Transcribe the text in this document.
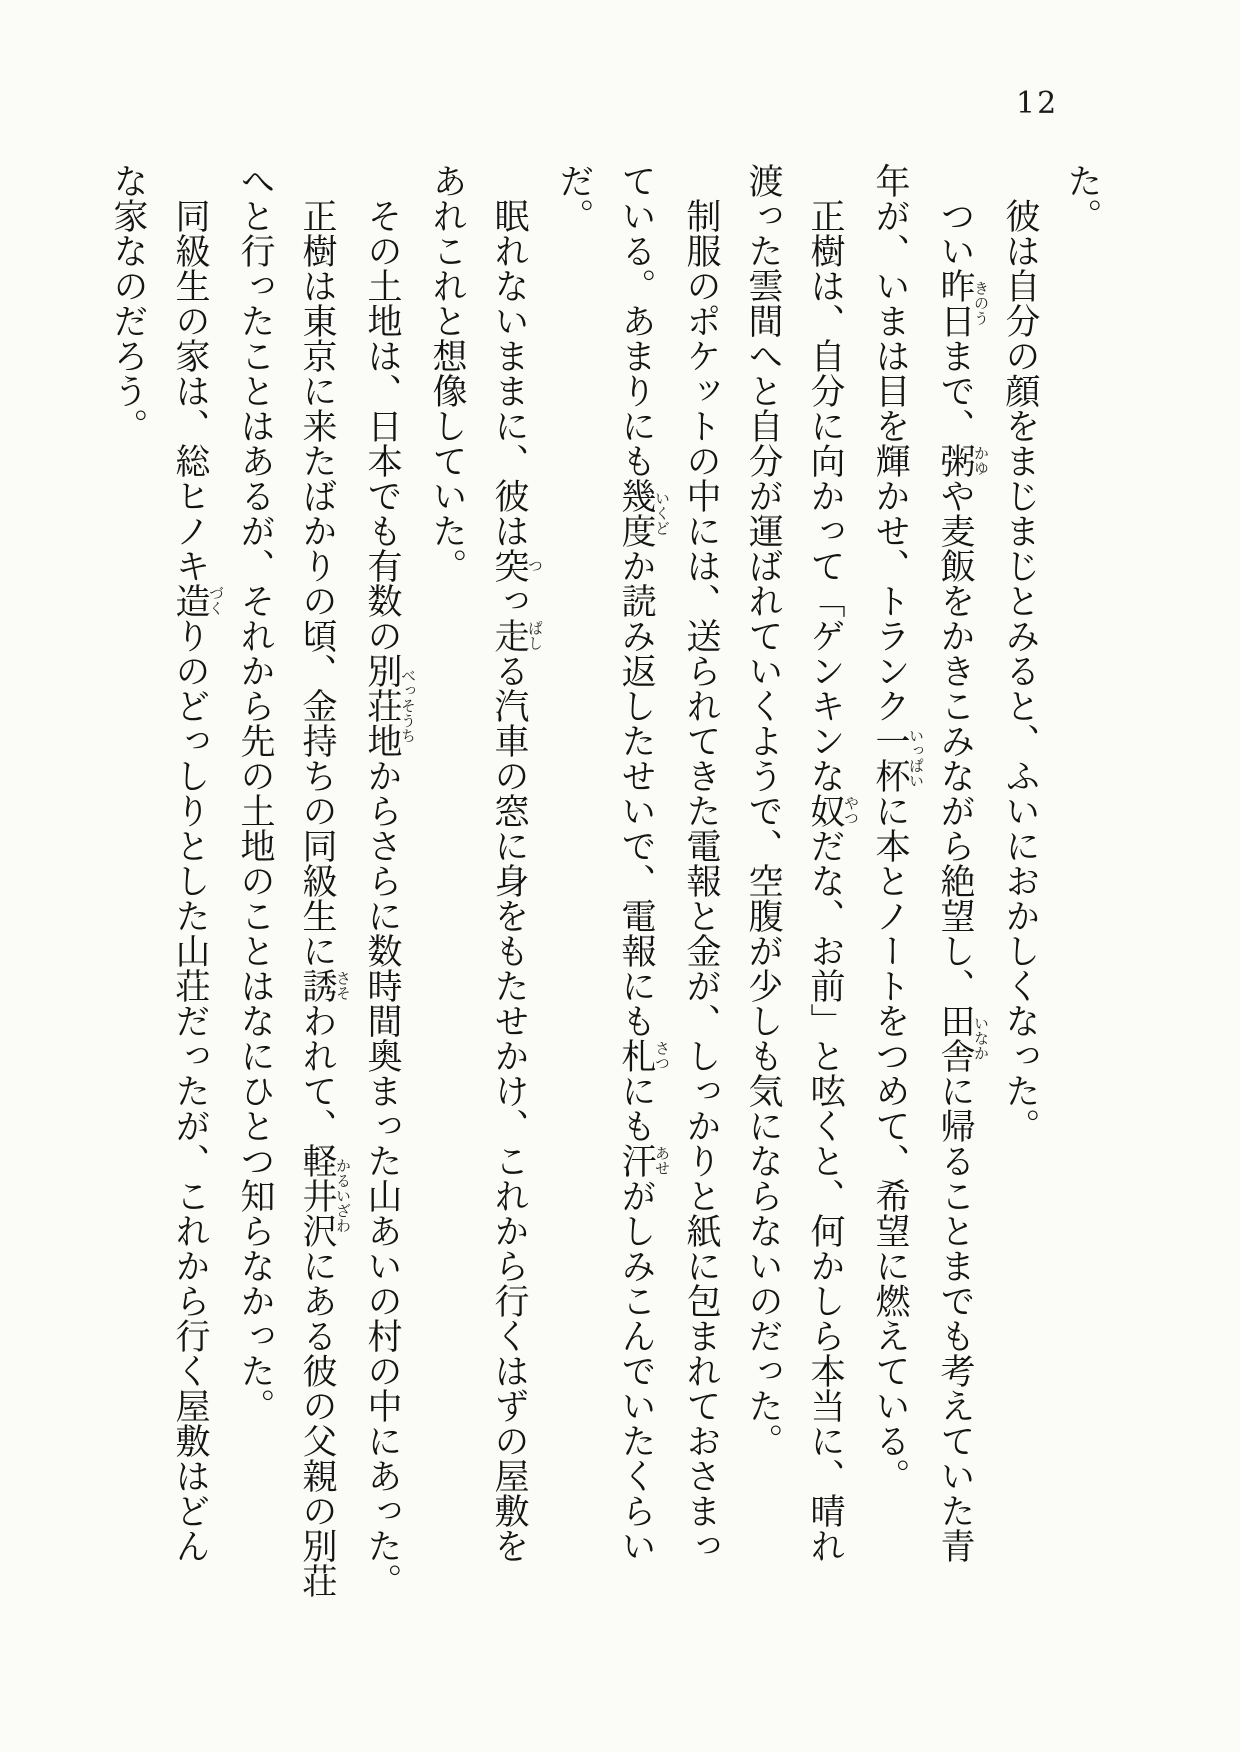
12
た。
彼は自分の顔をまじまじとみると、ふいにおかしくなった。
つい昨日きのうまで、粥かゆや麦飯をかきこみながら絶望し、田舎いなかに帰ることまでも考えていた青
年が、いまは目を輝かせ、トランク一杯いっぱいに本とノートをつめて、希望に燃えている。
正樹は、自分に向かって「ゲンキンな奴やつだな、お前」と呟くと、何かしら本当に、晴れ
渡った雲間へと自分が運ばれていくようで、空腹が少しも気にならないのだった。
制服のポケットの中には、送られてきた電報と金が、しっかりと紙に包まれておさまっ
ている。あまりにも幾度いくどか読み返したせいで、電報にも札さつにも汗あせがしみこんでいたくらい
だ。
眠れないままに、彼は突つっ走ぱしる汽車の窓に身をもたせかけ、これから行くはずの屋敷を
あれこれと想像していた。
その土地は、日本でも有数の別荘地べっそうちからさらに数時間奥まった山あいの村の中にあった。
正樹は東京に来たばかりの頃、金持ちの同級生に誘さそわれて、軽井沢かるいざわにある彼の父親の別荘
へと行ったことはあるが、それから先の土地のことはなにひとつ知らなかった。
同級生の家は、総ヒノキ造づくりのどっしりとした山荘だったが、これから行く屋敷はどん
な家なのだろう。
